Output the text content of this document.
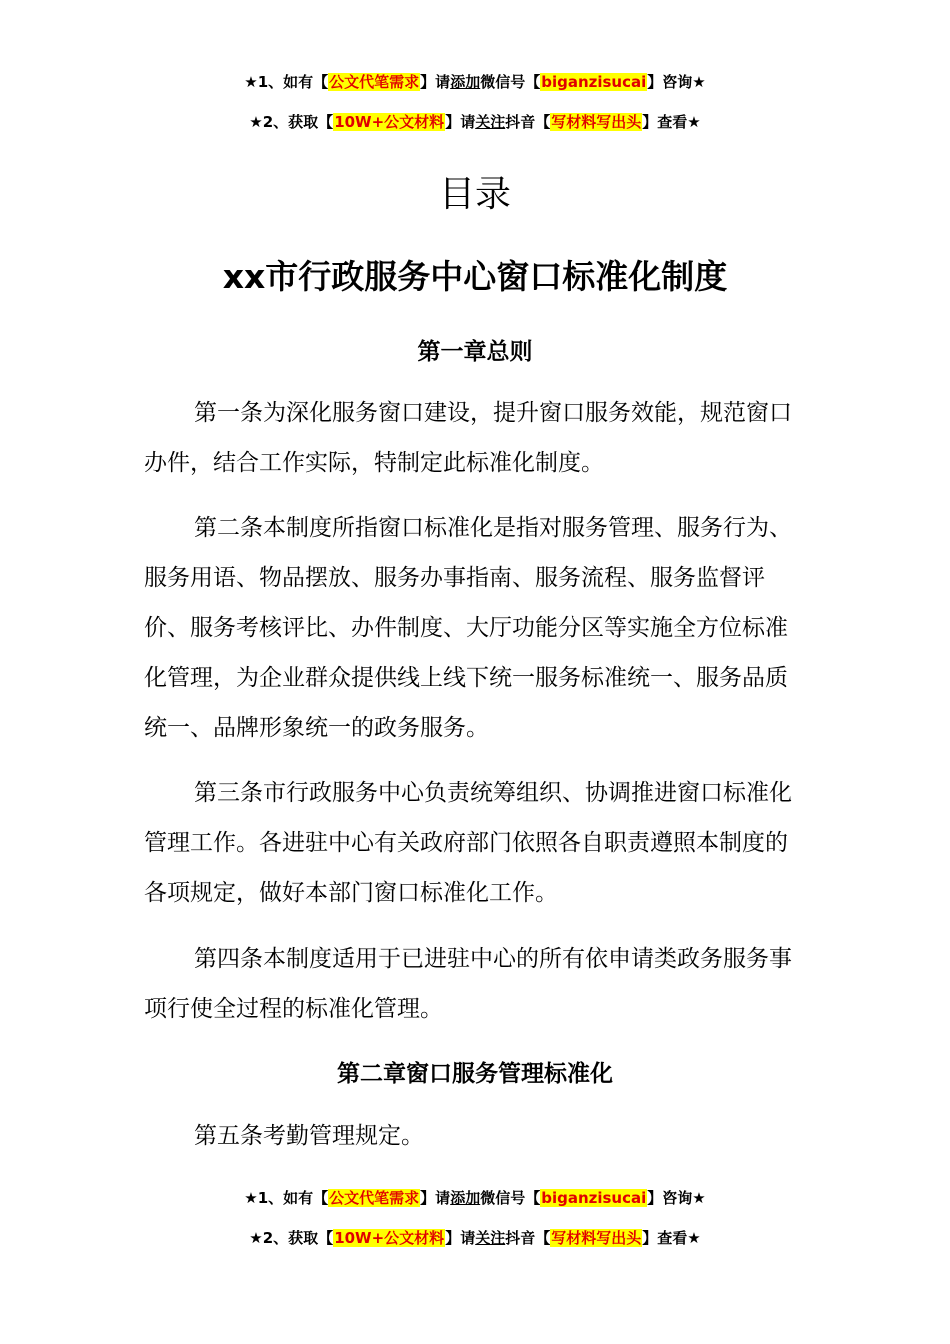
★1、如有【公文代笔需求】请添加微信号【biganzisucai】咨询★
★2、获取【10W+公文材料】请关注抖音【写材料写出头】查看★
目录
xx市行政服务中心窗口标准化制度
第一章总则
第一条为深化服务窗口建设，提升窗口服务效能，规范窗口办件，结合工作实际，特制定此标准化制度。
第二条本制度所指窗口标准化是指对服务管理、服务行为、服务用语、物品摆放、服务办事指南、服务流程、服务监督评价、服务考核评比、办件制度、大厅功能分区等实施全方位标准化管理，为企业群众提供线上线下统一服务标准统一、服务品质统一、品牌形象统一的政务服务。
第三条市行政服务中心负责统筹组织、协调推进窗口标准化管理工作。各进驻中心有关政府部门依照各自职责遵照本制度的各项规定，做好本部门窗口标准化工作。
第四条本制度适用于已进驻中心的所有依申请类政务服务事项行使全过程的标准化管理。
第二章窗口服务管理标准化
第五条考勤管理规定。
★1、如有【公文代笔需求】请添加微信号【biganzisucai】咨询★
★2、获取【10W+公文材料】请关注抖音【写材料写出头】查看★
